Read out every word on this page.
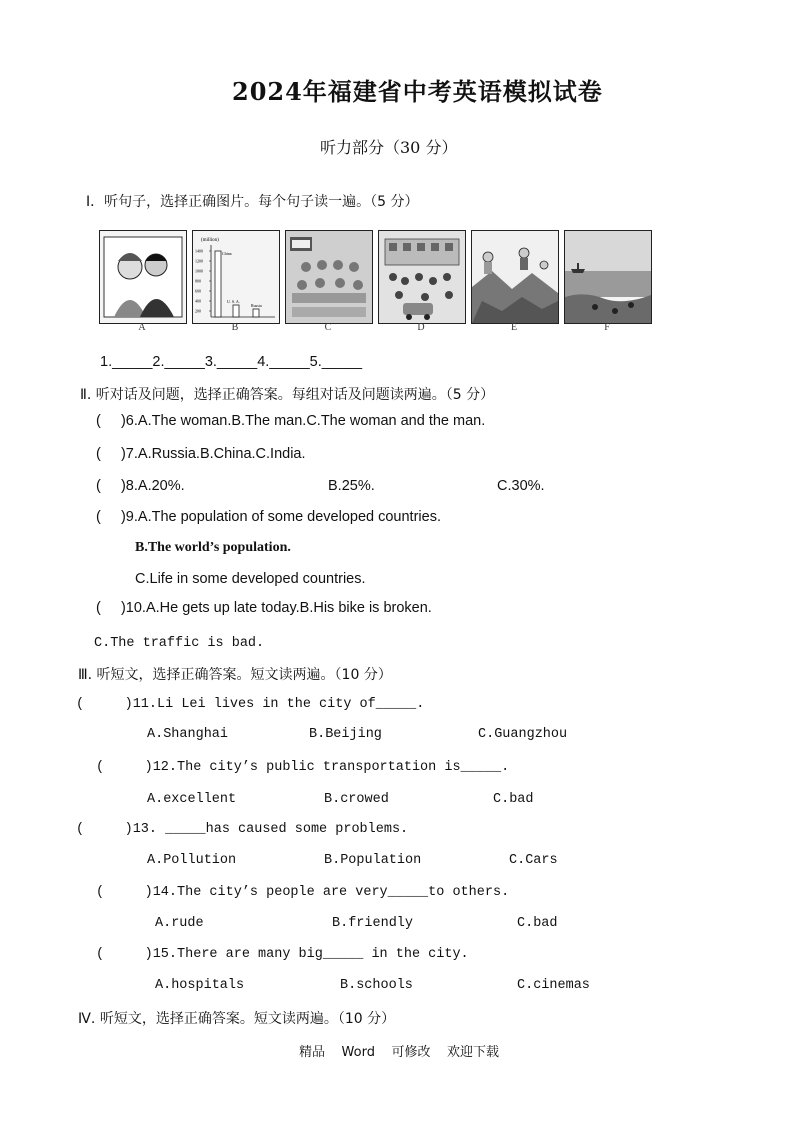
2024年福建省中考英语模拟试卷
听力部分（30 分）
Ⅰ．听句子，选择正确图片。每个句子读一遍。（5 分）
(million)
1400
1200
1000
800
600
400
200
China
U. S. A.
Russia
A	B	C	D	E	F
1._____2._____3._____4._____5._____
Ⅱ. 听对话及问题，选择正确答案。每组对话及问题读两遍。（5 分）
(     )6.A.The woman.B.The man.C.The woman and the man.
(     )7.A.Russia.B.China.C.India.
(     )8.A.20%.	B.25%.	C.30%.
(     )9.A.The population of some developed countries.
B.The world’s population.
C.Life in some developed countries.
(     )10.A.He gets up late today.B.His bike is broken.
C.The traffic is bad.
Ⅲ. 听短文，选择正确答案。短文读两遍。（10 分）
(     )11.Li Lei lives in the city of_____.
A.Shanghai	B.Beijing	C.Guangzhou
(     )12.The city’s public transportation is_____.
A.excellent	B.crowed	C.bad
(     )13. _____has caused some problems.
A.Pollution	B.Population	C.Cars
(     )14.The city’s people are very_____to others.
A.rude	B.friendly	C.bad
(     )15.There are many big_____ in the city.
A.hospitals	B.schools	C.cinemas
Ⅳ. 听短文，选择正确答案。短文读两遍。（10 分）
精品    Word    可修改    欢迎下载
